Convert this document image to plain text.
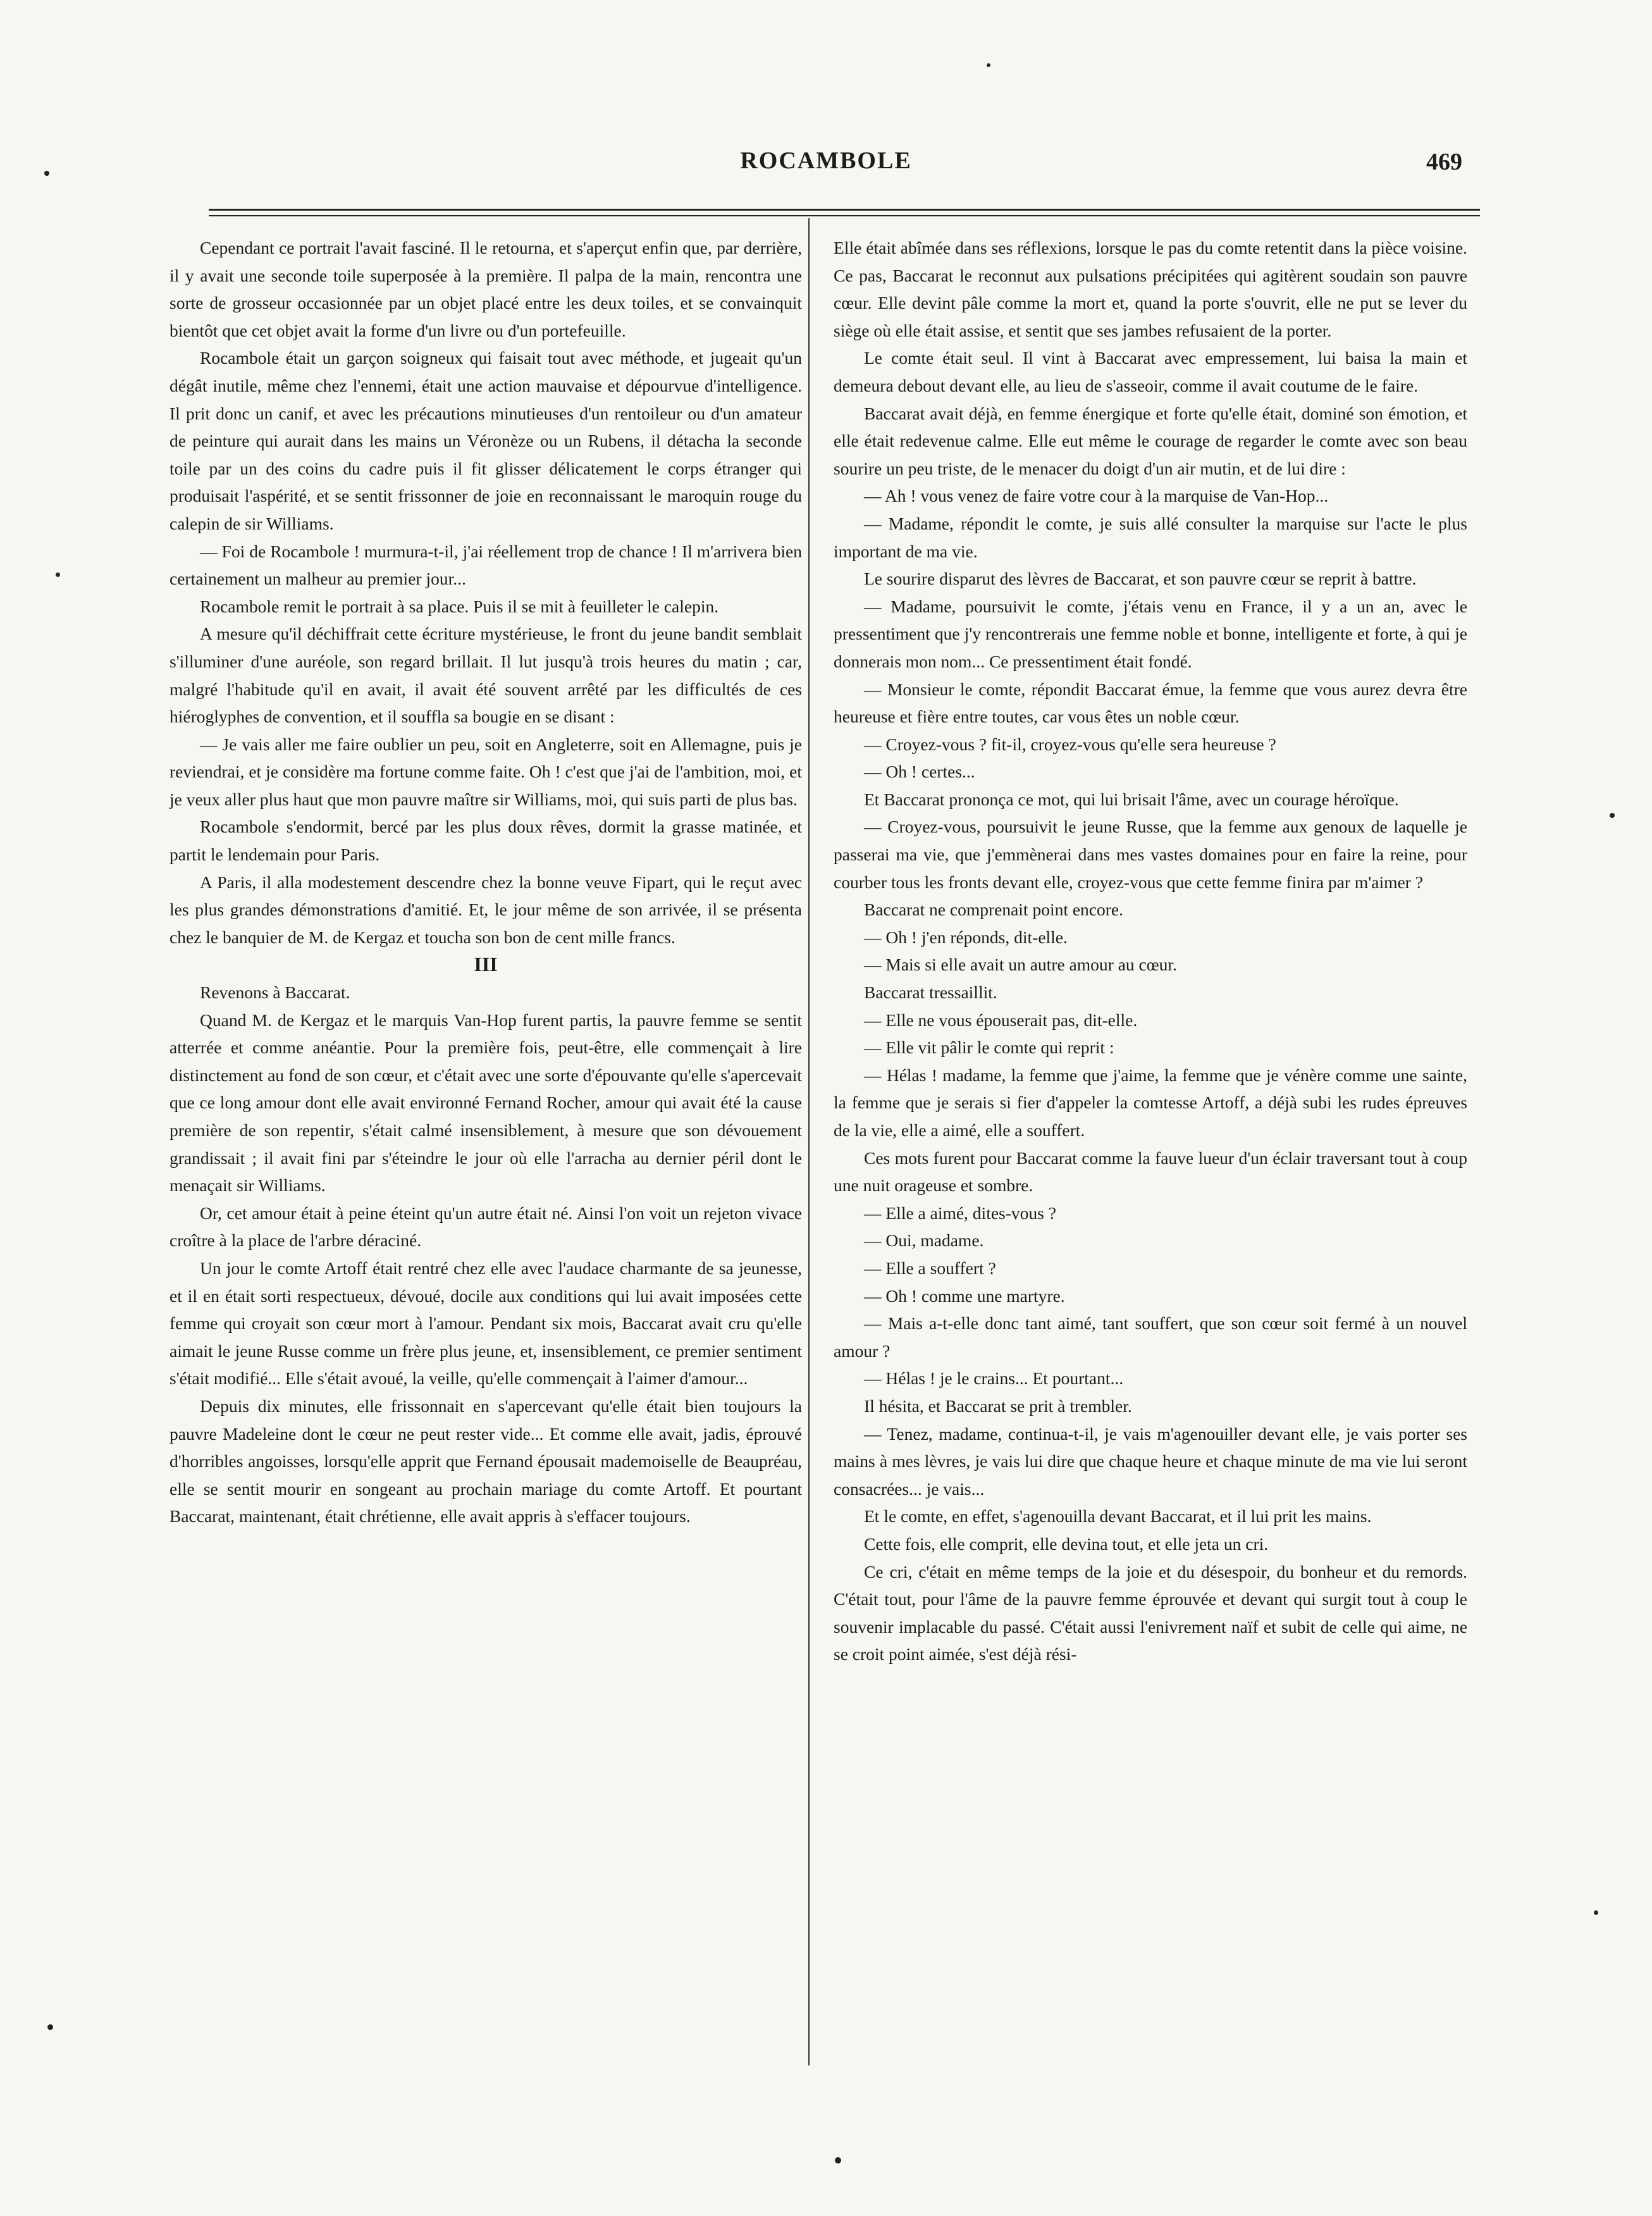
ROCAMBOLE	469

Cependant ce portrait l'avait fasciné. Il le retourna, et s'aperçut enfin que, par derrière, il y avait une seconde toile superposée à la première. Il palpa de la main, rencontra une sorte de grosseur occasionnée par un objet placé entre les deux toiles, et se convainquit bientôt que cet objet avait la forme d'un livre ou d'un portefeuille.

Rocambole était un garçon soigneux qui faisait tout avec méthode, et jugeait qu'un dégât inutile, même chez l'ennemi, était une action mauvaise et dépourvue d'intelligence. Il prit donc un canif, et avec les précautions minutieuses d'un rentoileur ou d'un amateur de peinture qui aurait dans les mains un Véronèze ou un Rubens, il détacha la seconde toile par un des coins du cadre puis il fit glisser délicatement le corps étranger qui produisait l'aspérité, et se sentit frissonner de joie en reconnaissant le maroquin rouge du calepin de sir Williams.

— Foi de Rocambole ! murmura-t-il, j'ai réellement trop de chance ! Il m'arrivera bien certainement un malheur au premier jour...

Rocambole remit le portrait à sa place. Puis il se mit à feuilleter le calepin.

A mesure qu'il déchiffrait cette écriture mystérieuse, le front du jeune bandit semblait s'illuminer d'une auréole, son regard brillait. Il lut jusqu'à trois heures du matin ; car, malgré l'habitude qu'il en avait, il avait été souvent arrêté par les difficultés de ces hiéroglyphes de convention, et il souffla sa bougie en se disant :

— Je vais aller me faire oublier un peu, soit en Angleterre, soit en Allemagne, puis je reviendrai, et je considère ma fortune comme faite. Oh ! c'est que j'ai de l'ambition, moi, et je veux aller plus haut que mon pauvre maître sir Williams, moi, qui suis parti de plus bas.

Rocambole s'endormit, bercé par les plus doux rêves, dormit la grasse matinée, et partit le lendemain pour Paris.

A Paris, il alla modestement descendre chez la bonne veuve Fipart, qui le reçut avec les plus grandes démonstrations d'amitié. Et, le jour même de son arrivée, il se présenta chez le banquier de M. de Kergaz et toucha son bon de cent mille francs.

III

Revenons à Baccarat.

Quand M. de Kergaz et le marquis Van-Hop furent partis, la pauvre femme se sentit atterrée et comme anéantie. Pour la première fois, peut-être, elle commençait à lire distinctement au fond de son cœur, et c'était avec une sorte d'épouvante qu'elle s'apercevait que ce long amour dont elle avait environné Fernand Rocher, amour qui avait été la cause première de son repentir, s'était calmé insensiblement, à mesure que son dévouement grandissait ; il avait fini par s'éteindre le jour où elle l'arracha au dernier péril dont le menaçait sir Williams.

Or, cet amour était à peine éteint qu'un autre était né. Ainsi l'on voit un rejeton vivace croître à la place de l'arbre déraciné.

Un jour le comte Artoff était rentré chez elle avec l'audace charmante de sa jeunesse, et il en était sorti respectueux, dévoué, docile aux conditions qui lui avait imposées cette femme qui croyait son cœur mort à l'amour. Pendant six mois, Baccarat avait cru qu'elle aimait le jeune Russe comme un frère plus jeune, et, insensiblement, ce premier sentiment s'était modifié... Elle s'était avoué, la veille, qu'elle commençait à l'aimer d'amour...

Depuis dix minutes, elle frissonnait en s'apercevant qu'elle était bien toujours la pauvre Madeleine dont le cœur ne peut rester vide... Et comme elle avait, jadis, éprouvé d'horribles angoisses, lorsqu'elle apprit que Fernand épousait mademoiselle de Beaupréau, elle se sentit mourir en songeant au prochain mariage du comte Artoff. Et pourtant Baccarat, maintenant, était chrétienne, elle avait appris à s'effacer toujours.

Elle était abîmée dans ses réflexions, lorsque le pas du comte retentit dans la pièce voisine. Ce pas, Baccarat le reconnut aux pulsations précipitées qui agitèrent soudain son pauvre cœur. Elle devint pâle comme la mort et, quand la porte s'ouvrit, elle ne put se lever du siège où elle était assise, et sentit que ses jambes refusaient de la porter.

Le comte était seul. Il vint à Baccarat avec empressement, lui baisa la main et demeura debout devant elle, au lieu de s'asseoir, comme il avait coutume de le faire.

Baccarat avait déjà, en femme énergique et forte qu'elle était, dominé son émotion, et elle était redevenue calme. Elle eut même le courage de regarder le comte avec son beau sourire un peu triste, de le menacer du doigt d'un air mutin, et de lui dire :

— Ah ! vous venez de faire votre cour à la marquise de Van-Hop...

— Madame, répondit le comte, je suis allé consulter la marquise sur l'acte le plus important de ma vie.

Le sourire disparut des lèvres de Baccarat, et son pauvre cœur se reprit à battre.

— Madame, poursuivit le comte, j'étais venu en France, il y a un an, avec le pressentiment que j'y rencontrerais une femme noble et bonne, intelligente et forte, à qui je donnerais mon nom... Ce pressentiment était fondé.

— Monsieur le comte, répondit Baccarat émue, la femme que vous aurez devra être heureuse et fière entre toutes, car vous êtes un noble cœur.

— Croyez-vous ? fit-il, croyez-vous qu'elle sera heureuse ?

— Oh ! certes...

Et Baccarat prononça ce mot, qui lui brisait l'âme, avec un courage héroïque.

— Croyez-vous, poursuivit le jeune Russe, que la femme aux genoux de laquelle je passerai ma vie, que j'emmènerai dans mes vastes domaines pour en faire la reine, pour courber tous les fronts devant elle, croyez-vous que cette femme finira par m'aimer ?

Baccarat ne comprenait point encore.

— Oh ! j'en réponds, dit-elle.

— Mais si elle avait un autre amour au cœur.

Baccarat tressaillit.

— Elle ne vous épouserait pas, dit-elle.

— Elle vit pâlir le comte qui reprit :

— Hélas ! madame, la femme que j'aime, la femme que je vénère comme une sainte, la femme que je serais si fier d'appeler la comtesse Artoff, a déjà subi les rudes épreuves de la vie, elle a aimé, elle a souffert.

Ces mots furent pour Baccarat comme la fauve lueur d'un éclair traversant tout à coup une nuit orageuse et sombre.

— Elle a aimé, dites-vous ?

— Oui, madame.

— Elle a souffert ?

— Oh ! comme une martyre.

— Mais a-t-elle donc tant aimé, tant souffert, que son cœur soit fermé à un nouvel amour ?

— Hélas ! je le crains... Et pourtant...

Il hésita, et Baccarat se prit à trembler.

— Tenez, madame, continua-t-il, je vais m'agenouiller devant elle, je vais porter ses mains à mes lèvres, je vais lui dire que chaque heure et chaque minute de ma vie lui seront consacrées... je vais...

Et le comte, en effet, s'agenouilla devant Baccarat, et il lui prit les mains.

Cette fois, elle comprit, elle devina tout, et elle jeta un cri.

Ce cri, c'était en même temps de la joie et du désespoir, du bonheur et du remords. C'était tout, pour l'âme de la pauvre femme éprouvée et devant qui surgit tout à coup le souvenir implacable du passé. C'était aussi l'enivrement naïf et subit de celle qui aime, ne se croit point aimée, s'est déjà rési-
